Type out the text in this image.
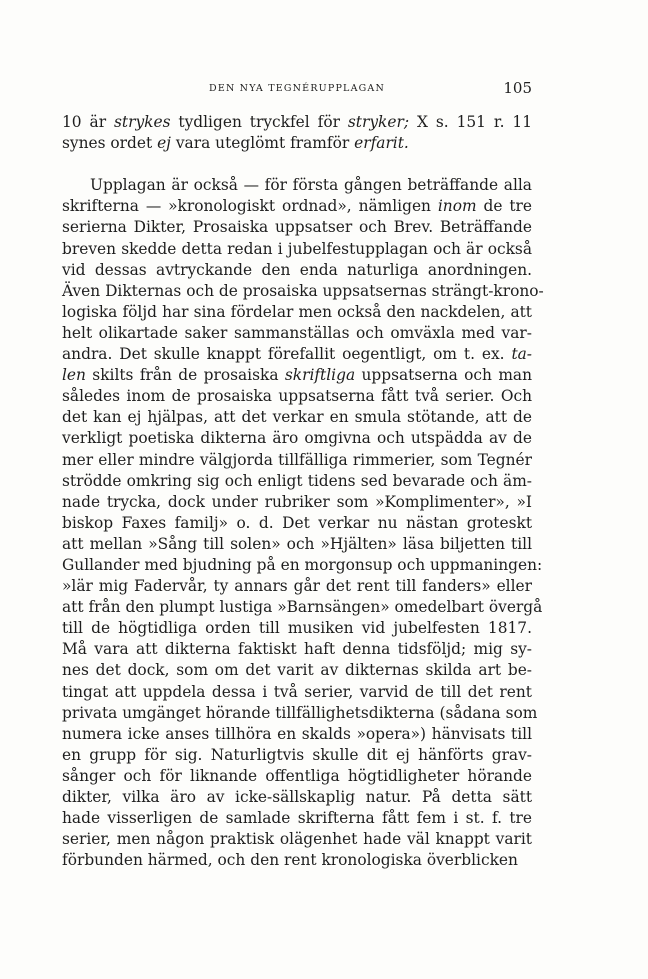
DEN NYA TEGNÉRUPPLAGAN	105
10 är strykes tydligen tryckfel för stryker; X s. 151 r. 11
synes ordet ej vara uteglömt framför erfarit.
Upplagan är också — för första gången beträffande alla
skrifterna — »kronologiskt ordnad», nämligen inom de tre
serierna Dikter, Prosaiska uppsatser och Brev. Beträffande
breven skedde detta redan i jubelfestupplagan och är också
vid dessas avtryckande den enda naturliga anordningen.
Även Dikternas och de prosaiska uppsatsernas strängt-krono-
logiska följd har sina fördelar men också den nackdelen, att
helt olikartade saker sammanställas och omväxla med var-
andra. Det skulle knappt förefallit oegentligt, om t. ex. ta-
len skilts från de prosaiska skriftliga uppsatserna och man
således inom de prosaiska uppsatserna fått två serier. Och
det kan ej hjälpas, att det verkar en smula stötande, att de
verkligt poetiska dikterna äro omgivna och utspädda av de
mer eller mindre välgjorda tillfälliga rimmerier, som Tegnér
strödde omkring sig och enligt tidens sed bevarade och äm-
nade trycka, dock under rubriker som »Komplimenter», »I
biskop Faxes familj» o. d. Det verkar nu nästan groteskt
att mellan »Sång till solen» och »Hjälten» läsa biljetten till
Gullander med bjudning på en morgonsup och uppmaningen:
»lär mig Fadervår, ty annars går det rent till fanders» eller
att från den plumpt lustiga »Barnsängen» omedelbart övergå
till de högtidliga orden till musiken vid jubelfesten 1817.
Må vara att dikterna faktiskt haft denna tidsföljd; mig sy-
nes det dock, som om det varit av dikternas skilda art be-
tingat att uppdela dessa i två serier, varvid de till det rent
privata umgänget hörande tillfällighetsdikterna (sådana som
numera icke anses tillhöra en skalds »opera») hänvisats till
en grupp för sig. Naturligtvis skulle dit ej hänförts grav-
sånger och för liknande offentliga högtidligheter hörande
dikter, vilka äro av icke-sällskaplig natur. På detta sätt
hade visserligen de samlade skrifterna fått fem i st. f. tre
serier, men någon praktisk olägenhet hade väl knappt varit
förbunden härmed, och den rent kronologiska överblicken
